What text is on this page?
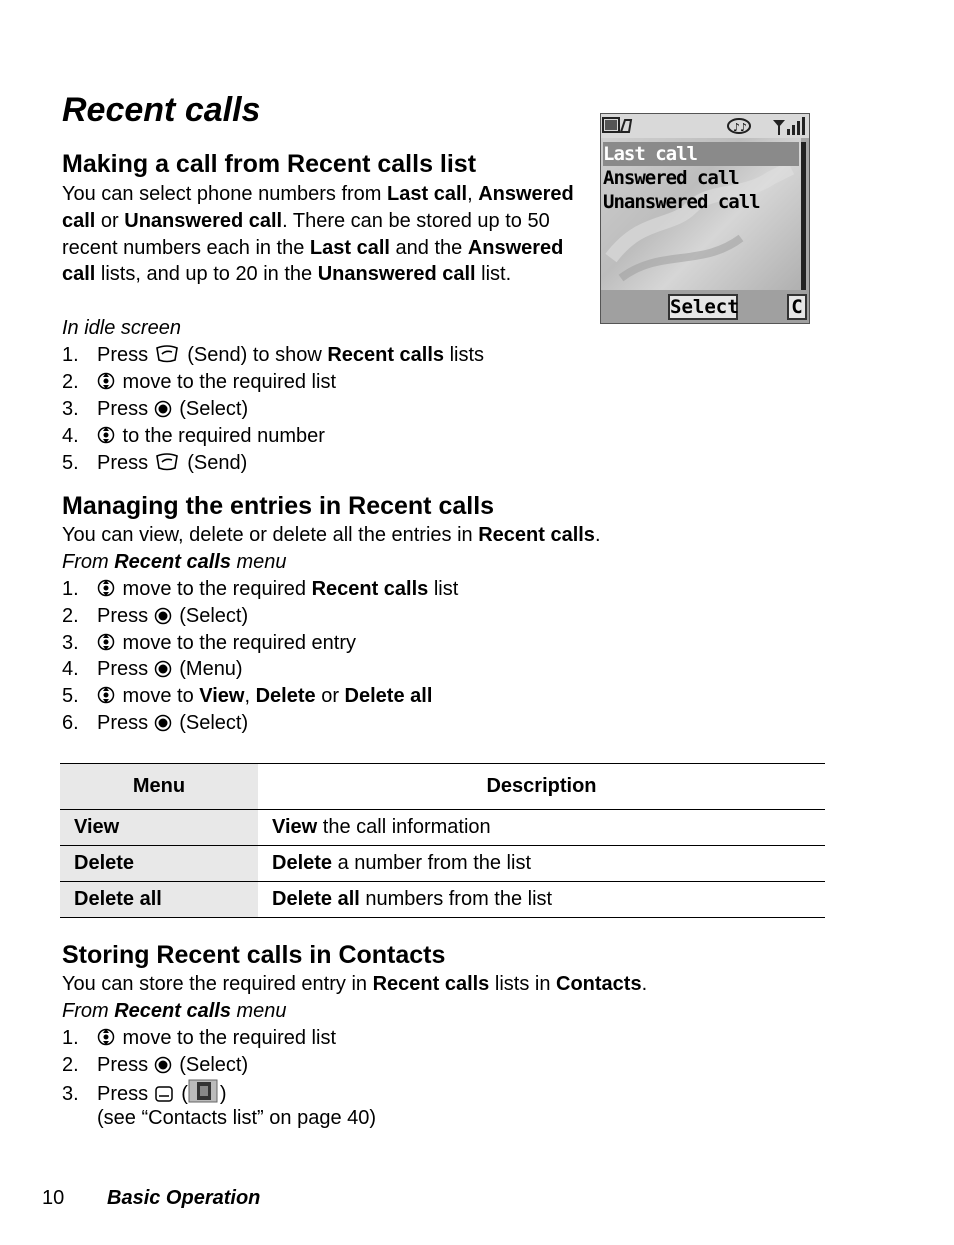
Recent calls
Making a call from Recent calls list
You can select phone numbers from Last call, Answered call or Unanswered call. There can be stored up to 50 recent numbers each in the Last call and the Answered call lists, and up to 20 in the Unanswered call list.
In idle screen
1. Press  (Send) to show Recent calls lists
2. move to the required list
3. Press  (Select)
4. to the required number
5. Press  (Send)
♪♪
Last call
Answered call
Unanswered call
Select	C
Managing the entries in Recent calls
You can view, delete or delete all the entries in Recent calls.
From Recent calls menu
1. move to the required Recent calls list
2. Press  (Select)
3. move to the required entry
4. Press  (Menu)
5. move to View, Delete or Delete all
6. Press  (Select)
Menu	Description
View	View the call information
Delete	Delete a number from the list
Delete all	Delete all numbers from the list
Storing Recent calls in Contacts
You can store the required entry in Recent calls lists in Contacts.
From Recent calls menu
1. move to the required list
2. Press  (Select)
3. Press  ( )
(see “Contacts list” on page 40)
10 Basic Operation
